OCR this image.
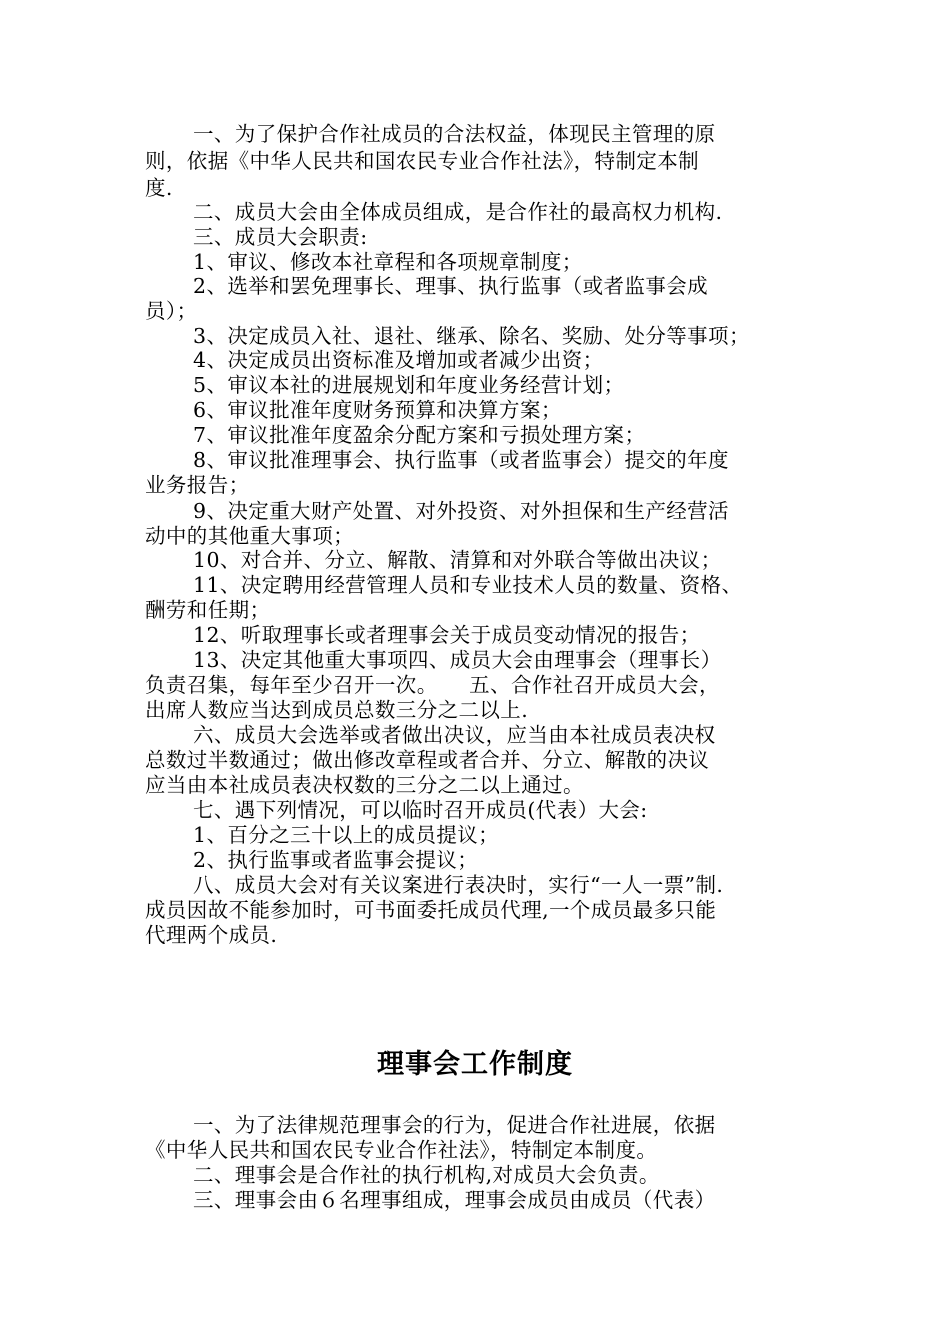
一、为了保护合作社成员的合法权益，体现民主管理的原
则，依据《中华人民共和国农民专业合作社法》，特制定本制
度.
二、成员大会由全体成员组成，是合作社的最高权力机构.
三、成员大会职责:
1、审议、修改本社章程和各项规章制度；
2、选举和罢免理事长、理事、执行监事（或者监事会成
员）；
3、决定成员入社、退社、继承、除名、奖励、处分等事项；
4、决定成员出资标准及增加或者减少出资；
5、审议本社的进展规划和年度业务经营计划；
6、审议批准年度财务预算和决算方案；
7、审议批准年度盈余分配方案和亏损处理方案；
8、审议批准理事会、执行监事（或者监事会）提交的年度
业务报告；
9、决定重大财产处置、对外投资、对外担保和生产经营活
动中的其他重大事项；
10、对合并、分立、解散、清算和对外联合等做出决议；
11、决定聘用经营管理人员和专业技术人员的数量、资格、
酬劳和任期；
12、听取理事长或者理事会关于成员变动情况的报告；
13、决定其他重大事项四、成员大会由理事会（理事长）
负责召集，每年至少召开一次。　　五、合作社召开成员大会，
出席人数应当达到成员总数三分之二以上.
六、成员大会选举或者做出决议，应当由本社成员表决权
总数过半数通过；做出修改章程或者合并、分立、解散的决议
应当由本社成员表决权数的三分之二以上通过。
七、遇下列情况，可以临时召开成员(代表）大会:
1、百分之三十以上的成员提议；
2、执行监事或者监事会提议；
八、成员大会对有关议案进行表决时，实行“一人一票”制.
成员因故不能参加时，可书面委托成员代理,一个成员最多只能
代理两个成员.
理事会工作制度
一、为了法律规范理事会的行为，促进合作社进展，依据
《中华人民共和国农民专业合作社法》，特制定本制度。
二、理事会是合作社的执行机构,对成员大会负责。
三、理事会由６名理事组成，理事会成员由成员（代表）
